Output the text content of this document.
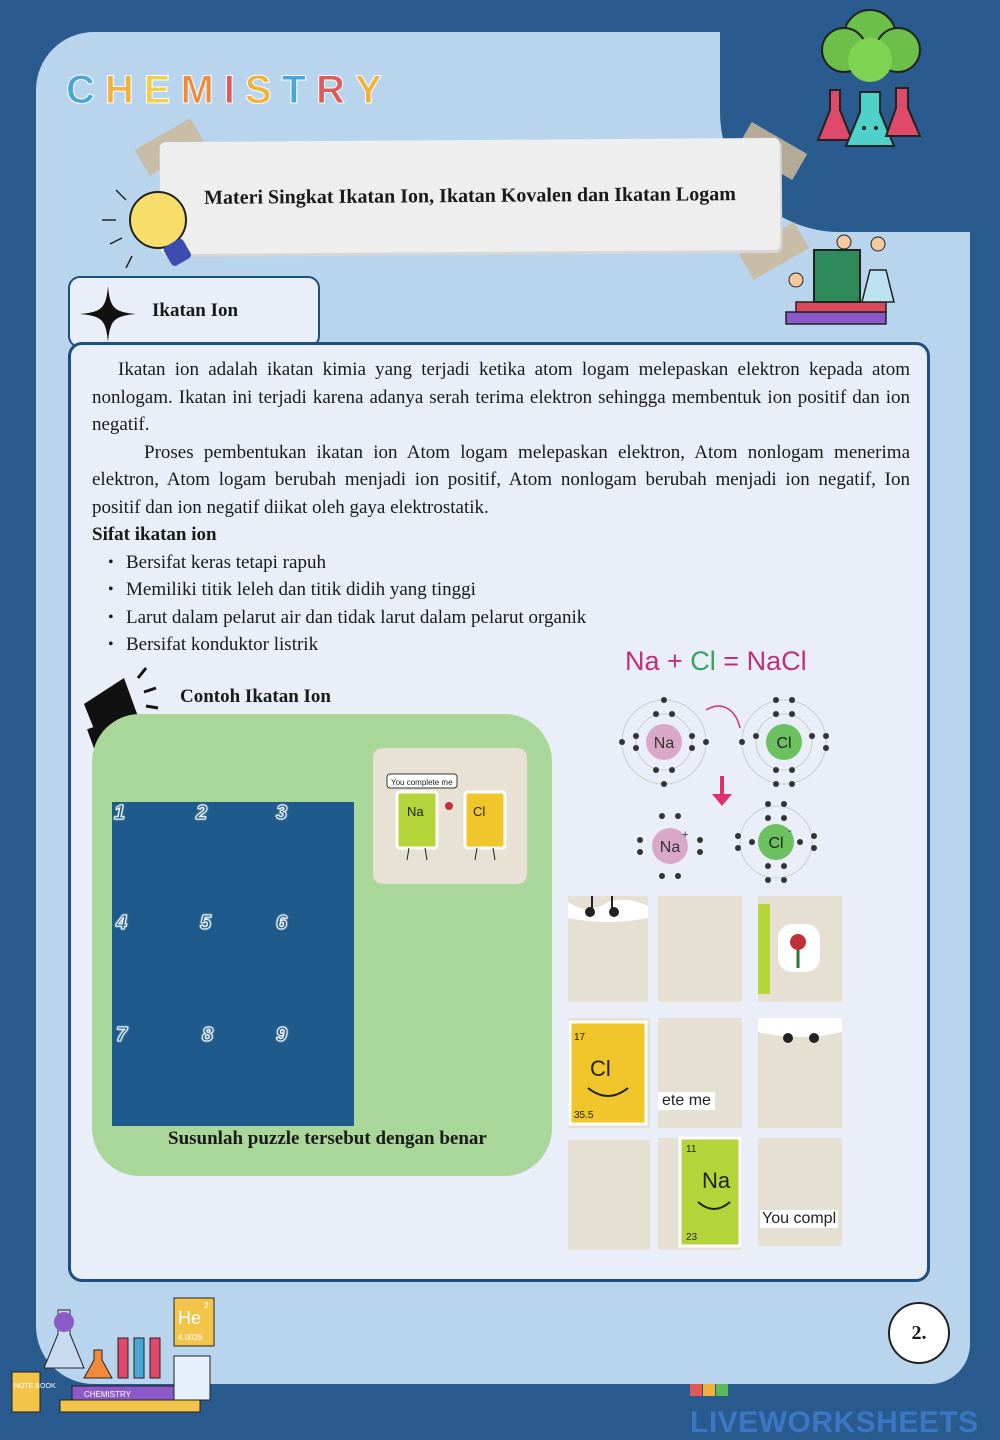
C H E M I S T R Y
Materi Singkat Ikatan Ion, Ikatan Kovalen dan Ikatan Logam
Ikatan Ion

Ikatan ion adalah ikatan kimia yang terjadi ketika atom logam melepaskan elektron kepada atom nonlogam. Ikatan ini terjadi karena adanya serah terima elektron sehingga membentuk ion positif dan ion negatif.

Proses pembentukan ikatan ion Atom logam melepaskan elektron, Atom nonlogam menerima elektron, Atom logam berubah menjadi ion positif, Atom nonlogam berubah menjadi ion negatif, Ion positif dan ion negatif diikat oleh gaya elektrostatik.

Sifat ikatan ion
• Bersifat keras tetapi rapuh
• Memiliki titik leleh dan titik didih yang tinggi
• Larut dalam pelarut air dan tidak larut dalam pelarut organik
• Bersifat konduktor listrik
Na + Cl = NaCl
Na	Cl
Na
+	Cl
-
Contoh Ikatan Ion
1	2	3
4	5	6
7	8	9
Susunlah puzzle tersebut dengan benar
You complete me
Na	Cl
17
Cl
35.5
ete me
11
Na
23
You compl
He
2
4.0026
NOTE BOOK
CHEMISTRY
2.
LIVEWORKSHEETS
